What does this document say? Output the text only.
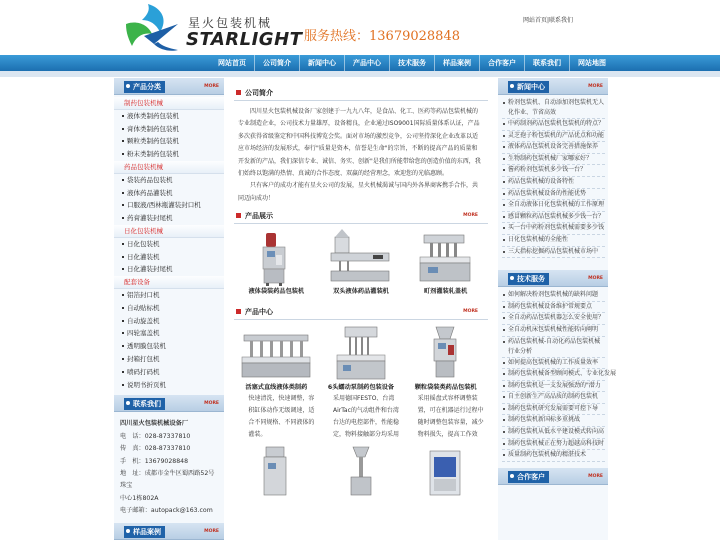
星火包装机械
STARLIGHT 服务热线：13679028848
网站首页|联系我们
网站首页	公司简介	新闻中心	产品中心	技术服务	样品案例	合作客户	联系我们	网站地图
产品分类	MORE
制药包装机械
液体类制药包装机
膏体类制药包装机
颗粒类制药包装机
粉末类制药包装机
药品包装机械
袋装药品包装机
液体药品灌装机
口服液/西林瓶灌装封口机
药膏灌装封尾机
日化包装机械
日化包装机
日化灌装机
日化灌装封尾机
配套设备
铝箔封口机
自动贴标机
自动旋盖机
四轮塞盖机
透明膜包装机
封箱打包机
喷码打码机
说明书折页机
联系我们	MORE
四川星火包装机械设备厂
电　话：028-87337810
传　真：028-87337810
手　机：13679028848
地　址：成都市金牛区蜀西路52号珠宝
中心1栋802A
电子邮箱：autopack@163.com
样品案例	MORE
公司简介
四川星火包装机械设备厂家创建于一九九八年，是食品、化工、医药等药品包装机械的专业制造企业，公司技术力量雄厚，设备精良，企业通过ISO9001国际质量体系认证，产品多次获得省级鉴定和中国科技博览会奖。面对市场的激烈竞争，公司坚持深化企业改革以适应市场经济的发展形式，奉行"质量是资本，信誉是生命"的宗旨，不断的提高产品的质量和开发新的产品，我们深信专业、诚信、务实、创新"是我们所能带给您的创造价值的东西，我们始终以饱满的热情、真诚的合作态度、双赢的经营理念，欢迎您的光临惠顾。
只有客户的成功才能有星火公司的发展，星火机械渴诚与国内外各界商客携手合作，共同迈向成功！
产品展示	MORE
液体袋装药品包装机	双头液体药品灌装机	町剂灌装轧盖机
产品中心	MORE
活塞式直线液体类制药
快速清洗，快速调整，容
积缸体动作无级调速，适
合不同规格、不同液体的
灌装。
6头蠕动泵制药包装设备
采用德国FESTO、台湾
AirTac的气动组件和台湾
台达的电控部件，性能稳
定，物料接触部分均采用
颗粒袋装类药品包装机
采用摇盘式容杯调整装
置，可在机器运行过程中
随时调整包装容量，减少
物料损失，提高工作效
新闻中心	MORE
粉剂包装机、自动添加剂包装机无人化作业、节省高效
中药制剂药品包装机包装机的特点？
灵芝孢子粉包装机的产品优点和功能
液体药品包装机设备完善措施保养
生物制药包装机械厂家哪家好？
酱药粉剂包装机多少钱一台？
药品包装机械的设备特性
药品包装机械设备的性能优势
全自动液体日化包装机械的工作原理
感冒颗粒药品包装机械多少钱一台？
买一台中药粉剂包装机械需要多少钱
日化包装机械的全能性
三大指标挖掘药品包装机械市场中
技术服务	MORE
如何解决粉剂包装机械的缺料问题
制药包装机械设备维护常规要点
全自动药品包装机器怎么安全使用？
全自动机床包装机械性能转向阐明
药品包装机械-自动化药品包装机械行业分析
如何提高包装机械的工作质量效率
制药包装机械备型顾问模式、专业化发展
制药包装机是一支发展强劲的"潜力
自主创新生产高品质的制药包装机
制药包装机研究发展需要可控下导
制药包装机新国标多重挑战
制药包装机从低水平建设模式转向高
制药包装机械正在努力超越高科技时
质量制药包装机械的精湛技术
合作客户	MORE
